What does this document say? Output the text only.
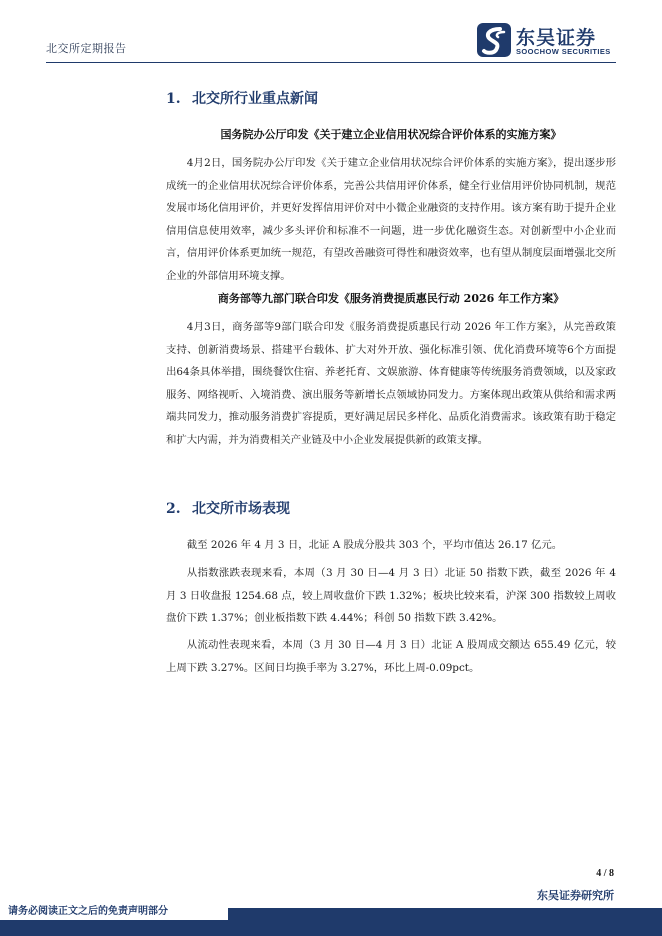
北交所定期报告	东吴证券
SOOCHOW SECURITIES
1. 北交所行业重点新闻
国务院办公厅印发《关于建立企业信用状况综合评价体系的实施方案》
4月2日，国务院办公厅印发《关于建立企业信用状况综合评价体系的实施方案》，提出逐步形成统一的企业信用状况综合评价体系，完善公共信用评价体系，健全行业信用评价协同机制，规范发展市场化信用评价，并更好发挥信用评价对中小微企业融资的支持作用。该方案有助于提升企业信用信息使用效率，减少多头评价和标准不一问题，进一步优化融资生态。对创新型中小企业而言，信用评价体系更加统一规范，有望改善融资可得性和融资效率，也有望从制度层面增强北交所企业的外部信用环境支撑。
商务部等九部门联合印发《服务消费提质惠民行动 2026 年工作方案》
4月3日，商务部等9部门联合印发《服务消费提质惠民行动 2026 年工作方案》，从完善政策支持、创新消费场景、搭建平台载体、扩大对外开放、强化标准引领、优化消费环境等6个方面提出64条具体举措，围绕餐饮住宿、养老托育、文娱旅游、体育健康等传统服务消费领域，以及家政服务、网络视听、入境消费、演出服务等新增长点领域协同发力。方案体现出政策从供给和需求两端共同发力，推动服务消费扩容提质，更好满足居民多样化、品质化消费需求。该政策有助于稳定和扩大内需，并为消费相关产业链及中小企业发展提供新的政策支撑。
2. 北交所市场表现
截至 2026 年 4 月 3 日，北证 A 股成分股共 303 个，平均市值达 26.17 亿元。
从指数涨跌表现来看，本周（3 月 30 日—4 月 3 日）北证 50 指数下跌，截至 2026 年 4 月 3 日收盘报 1254.68 点，较上周收盘价下跌 1.32%；板块比较来看，沪深 300 指数较上周收盘价下跌 1.37%；创业板指数下跌 4.44%；科创 50 指数下跌 3.42%。
从流动性表现来看，本周（3 月 30 日—4 月 3 日）北证 A 股周成交额达 655.49 亿元，较上周下跌 3.27%。区间日均换手率为 3.27%，环比上周-0.09pct。
4 / 8
东吴证券研究所
请务必阅读正文之后的免责声明部分
